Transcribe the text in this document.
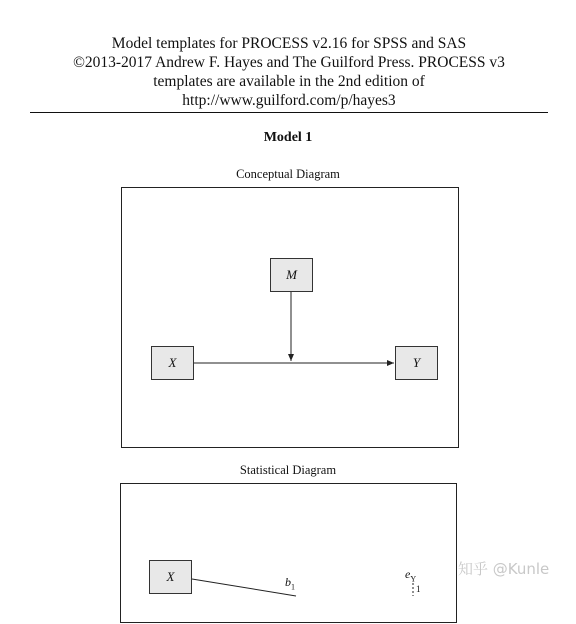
Model templates for PROCESS v2.16 for SPSS and SAS
©2013-2017 Andrew F. Hayes and The Guilford Press. PROCESS v3
templates are available in the 2nd edition of
http://www.guilford.com/p/hayes3
Model 1
Conceptual Diagram
M
X	Y
Statistical Diagram
X	$b_1$
$e_Y$
1
知乎 @Kunle
